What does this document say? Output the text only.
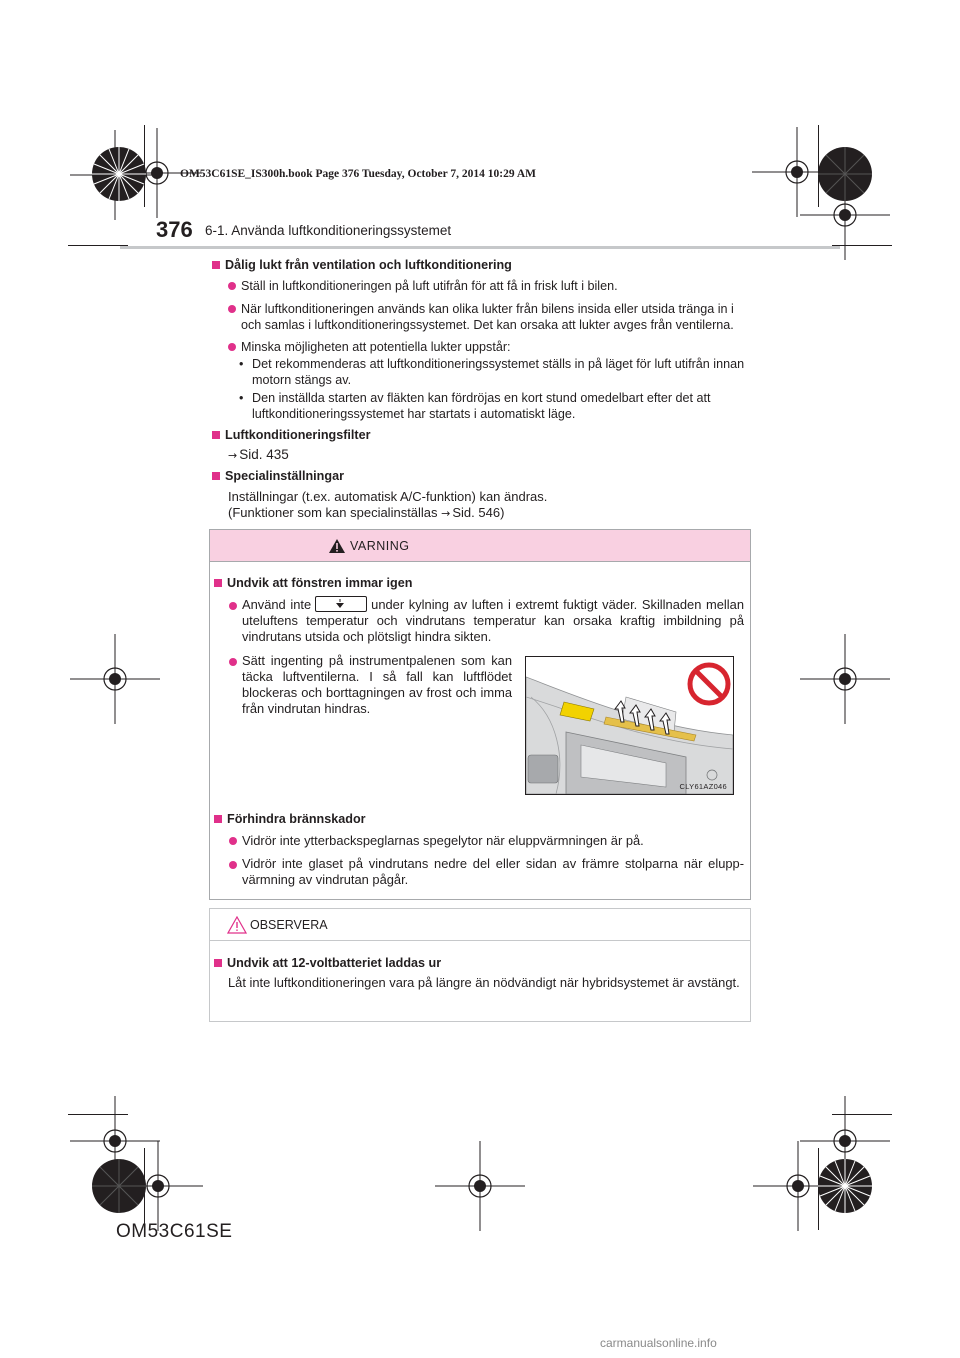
OM53C61SE_IS300h.book Page 376 Tuesday, October 7, 2014 10:29 AM
376 6-1. Använda luftkonditioneringssystemet
Dålig lukt från ventilation och luftkonditionering
Ställ in luftkonditioneringen på luft utifrån för att få in frisk luft i bilen.
När luftkonditioneringen används kan olika lukter från bilens insida eller utsida tränga in i och samlas i luftkonditioneringssystemet. Det kan orsaka att lukter avges från ventilerna.
Minska möjligheten att potentiella lukter uppstår:
• Det rekommenderas att luftkonditioneringssystemet ställs in på läget för luft utifrån innan motorn stängs av.
• Den inställda starten av fläkten kan fördröjas en kort stund omedelbart efter det att luftkonditioneringssystemet har startats i automatiskt läge.
Luftkonditioneringsfilter
→ Sid. 435
Specialinställningar
Inställningar (t.ex. automatisk A/C-funktion) kan ändras.
(Funktioner som kan specialinställas → Sid. 546)
VARNING
Undvik att fönstren immar igen
Använd inte	under kylning av luften i extremt fuktigt väder. Skillnaden mellan uteluftens temperatur och vindrutans temperatur kan orsaka kraftig imbildning på vindrutans utsida och plötsligt hindra sikten.
Sätt ingenting på instrumentpalenen som kan täcka luftventilerna. I så fall kan luftflödet blockeras och borttagningen av frost och imma från vindrutan hindras.
Förhindra brännskador
Vidrör inte ytterbackspeglarnas spegelytor när eluppvärmningen är på.
Vidrör inte glaset på vindrutans nedre del eller sidan av främre stolparna när elupp-värmning av vindrutan pågår.
CLY61AZ046
OBSERVERA
Undvik att 12-voltbatteriet laddas ur
Låt inte luftkonditioneringen vara på längre än nödvändigt när hybridsystemet är avstängt.
OM53C61SE
carmanualsonline.info
